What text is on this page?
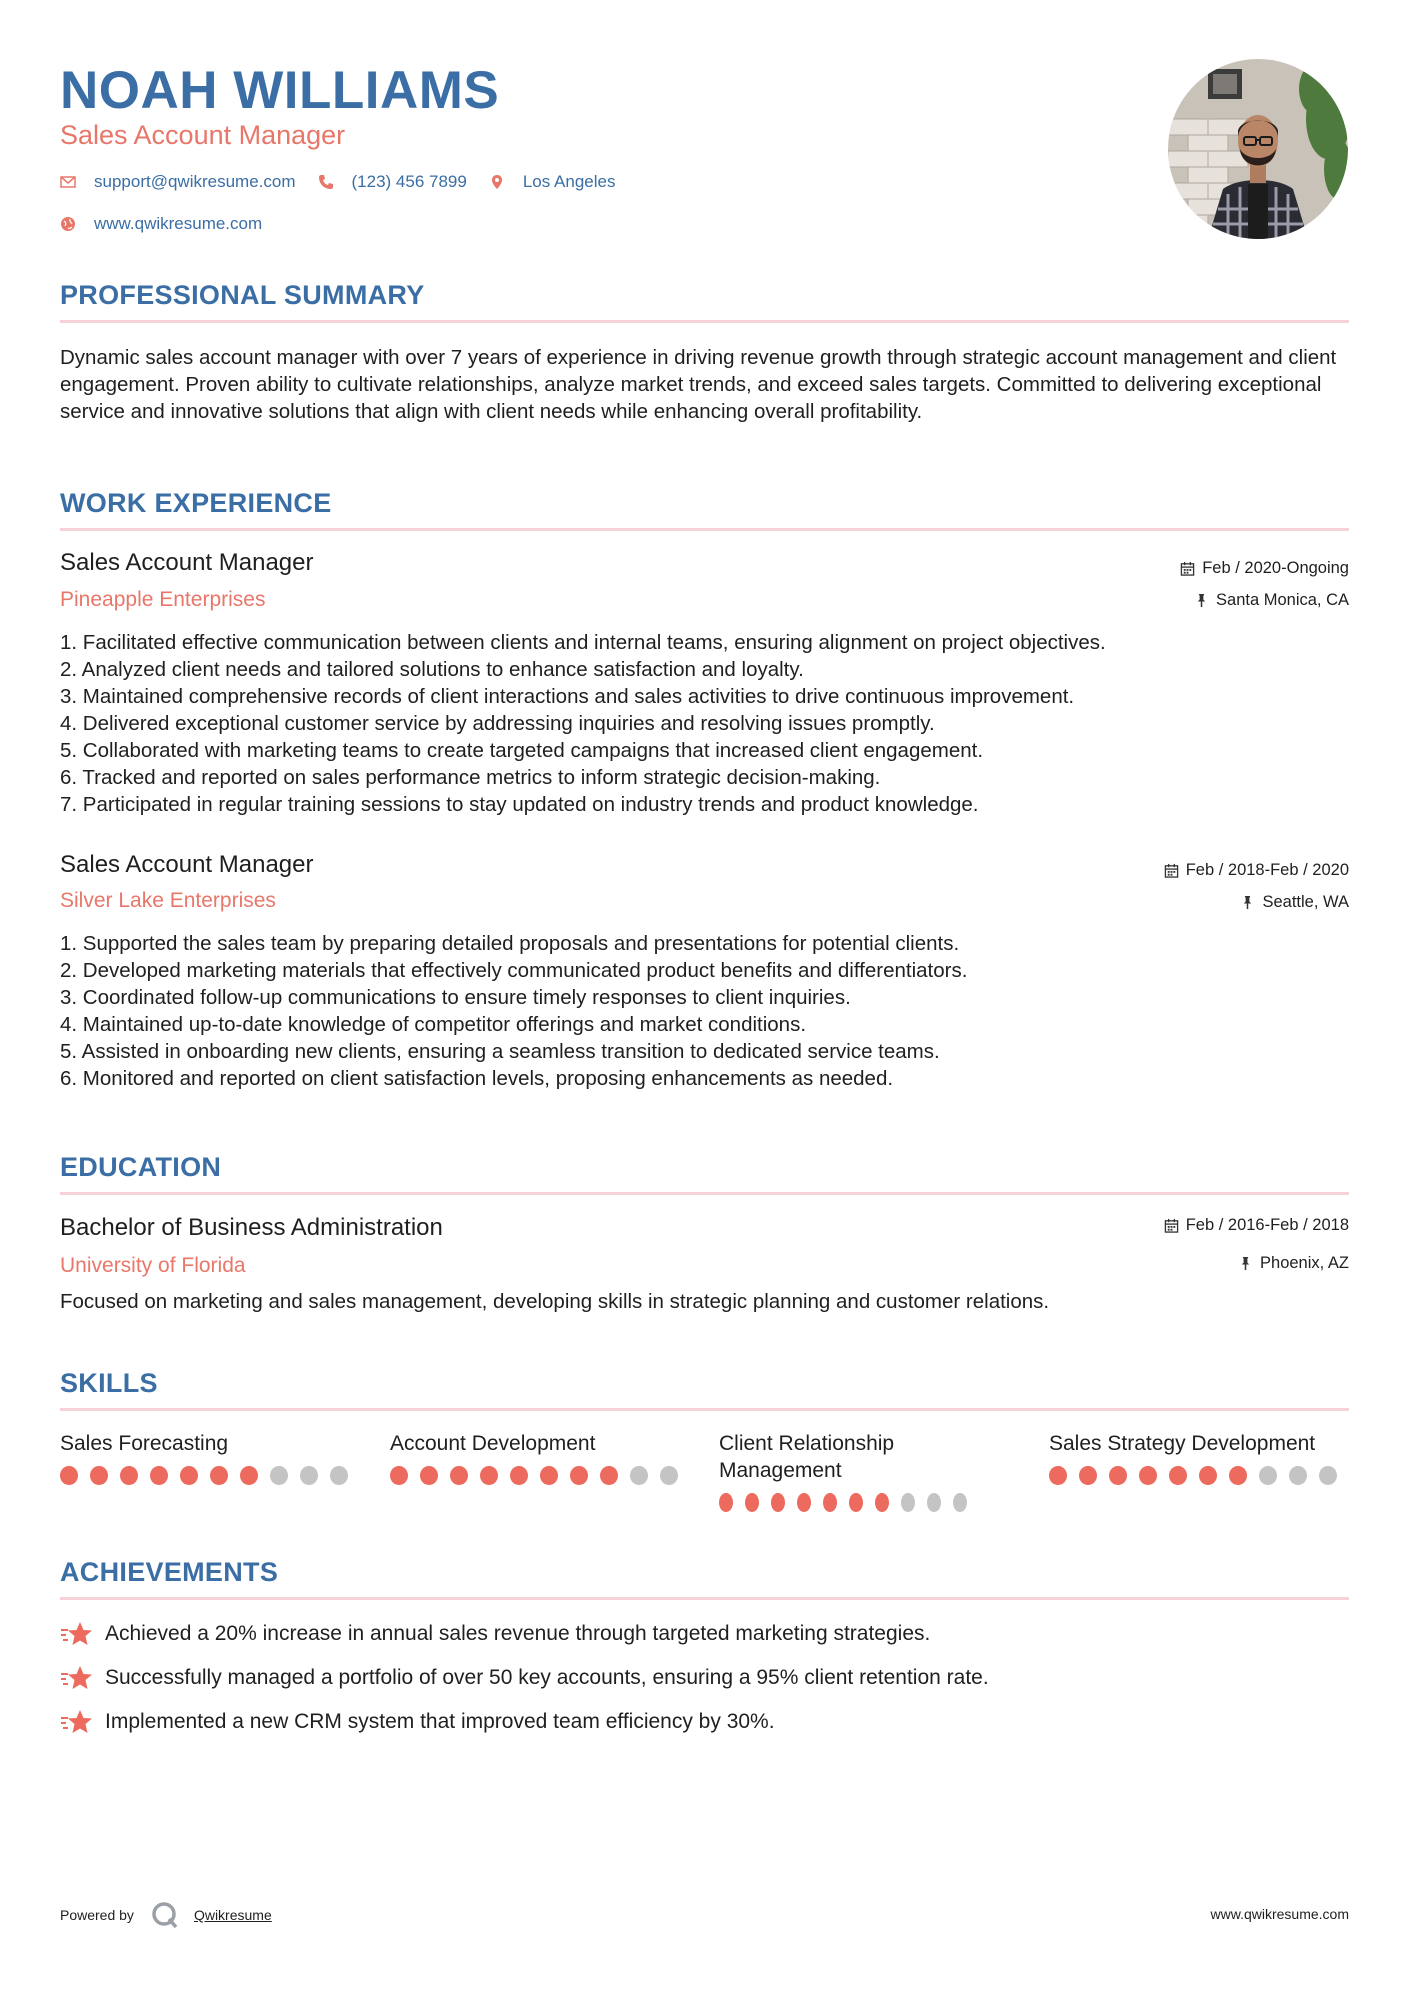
NOAH WILLIAMS
Sales Account Manager
support@qwikresume.com	(123) 456 7899	Los Angeles
www.qwikresume.com
PROFESSIONAL SUMMARY
Dynamic sales account manager with over 7 years of experience in driving revenue growth through strategic account management and client engagement. Proven ability to cultivate relationships, analyze market trends, and exceed sales targets. Committed to delivering exceptional service and innovative solutions that align with client needs while enhancing overall profitability.
WORK EXPERIENCE
Sales Account Manager
Pineapple Enterprises
Feb / 2020-Ongoing
Santa Monica, CA
1. Facilitated effective communication between clients and internal teams, ensuring alignment on project objectives.
2. Analyzed client needs and tailored solutions to enhance satisfaction and loyalty.
3. Maintained comprehensive records of client interactions and sales activities to drive continuous improvement.
4. Delivered exceptional customer service by addressing inquiries and resolving issues promptly.
5. Collaborated with marketing teams to create targeted campaigns that increased client engagement.
6. Tracked and reported on sales performance metrics to inform strategic decision-making.
7. Participated in regular training sessions to stay updated on industry trends and product knowledge.
Sales Account Manager
Silver Lake Enterprises
Feb / 2018-Feb / 2020
Seattle, WA
1. Supported the sales team by preparing detailed proposals and presentations for potential clients.
2. Developed marketing materials that effectively communicated product benefits and differentiators.
3. Coordinated follow-up communications to ensure timely responses to client inquiries.
4. Maintained up-to-date knowledge of competitor offerings and market conditions.
5. Assisted in onboarding new clients, ensuring a seamless transition to dedicated service teams.
6. Monitored and reported on client satisfaction levels, proposing enhancements as needed.
EDUCATION
Bachelor of Business Administration
University of Florida
Feb / 2016-Feb / 2018
Phoenix, AZ
Focused on marketing and sales management, developing skills in strategic planning and customer relations.
SKILLS
Sales Forecasting	Account Development	Client Relationship Management
Sales Strategy Development
ACHIEVEMENTS
Achieved a 20% increase in annual sales revenue through targeted marketing strategies.
Successfully managed a portfolio of over 50 key accounts, ensuring a 95% client retention rate.
Implemented a new CRM system that improved team efficiency by 30%.
Powered by	Qwikresume	www.qwikresume.com
